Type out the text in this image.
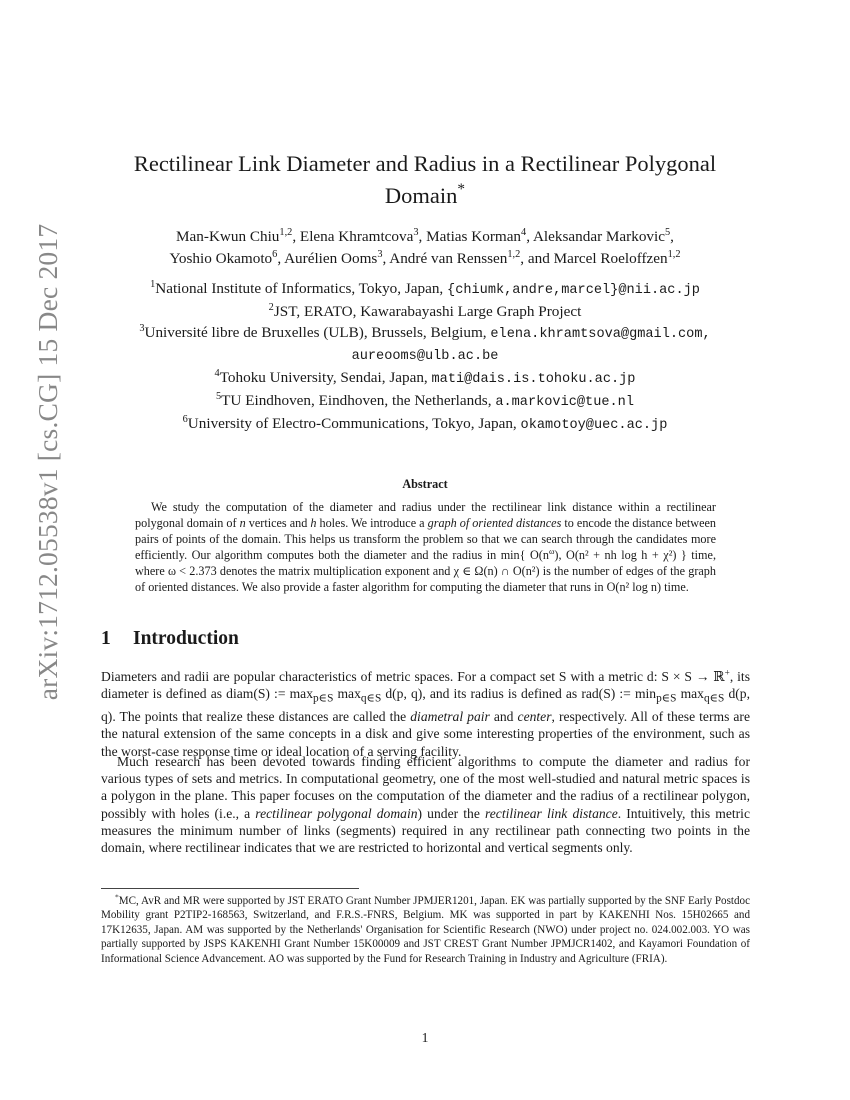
arXiv:1712.05538v1 [cs.CG] 15 Dec 2017
Rectilinear Link Diameter and Radius in a Rectilinear Polygonal
Domain*
Man-Kwun Chiu$^{1,2}$, Elena Khramtcova$^3$, Matias Korman$^4$, Aleksandar Markovic$^5$,
Yoshio Okamoto$^6$, Aurélien Ooms$^3$, André van Renssen$^{1,2}$, and Marcel Roeloffzen$^{1,2}$
$^1$National Institute of Informatics, Tokyo, Japan, {chiumk,andre,marcel}@nii.ac.jp
$^2$JST, ERATO, Kawarabayashi Large Graph Project
$^3$Université libre de Bruxelles (ULB), Brussels, Belgium, elena.khramtsova@gmail.com,
aureooms@ulb.ac.be
$^4$Tohoku University, Sendai, Japan, mati@dais.is.tohoku.ac.jp
$^5$TU Eindhoven, Eindhoven, the Netherlands, a.markovic@tue.nl
$^6$University of Electro-Communications, Tokyo, Japan, okamotoy@uec.ac.jp
Abstract

We study the computation of the diameter and radius under the rectilinear link distance within a rectilinear polygonal domain of n vertices and h holes. We introduce a graph of oriented distances to encode the distance between pairs of points of the domain. This helps us transform the problem so that we can search through the candidates more efficiently. Our algorithm computes both the diameter and the radius in min{ $O(n^\omega)$, O(n² + nh log h + χ²) } time, where ω < 2.373 denotes the matrix multiplication exponent and χ ∈ Ω(n) ∩ O(n²) is the number of edges of the graph of oriented distances. We also provide a faster algorithm for computing the diameter that runs in O(n² log n) time.

1 Introduction

Diameters and radii are popular characteristics of metric spaces. For a compact set S with a metric d: S × S → ℝ+, its diameter is defined as diam(S) := $\max_{p\in S} \max_{q\in S} d(p$, q), and its radius is defined as rad(S) := $\min_{p\in S} \max_{q\in S} d(p$, q). The points that realize these distances are called the diametral pair and center, respectively. All of these terms are the natural extension of the same concepts in a disk and give some interesting properties of the environment, such as the worst-case response time or ideal location of a serving facility.

Much research has been devoted towards finding efficient algorithms to compute the diameter and radius for various types of sets and metrics. In computational geometry, one of the most well-studied and natural metric spaces is a polygon in the plane. This paper focuses on the computation of the diameter and the radius of a rectilinear polygon, possibly with holes (i.e., a rectilinear polygonal domain) under the rectilinear link distance. Intuitively, this metric measures the minimum number of links (segments) required in any rectilinear path connecting two points in the domain, where rectilinear indicates that we are restricted to horizontal and vertical segments only.

*MC, AvR and MR were supported by JST ERATO Grant Number JPMJER1201, Japan. EK was partially supported by the SNF Early Postdoc Mobility grant P2TIP2-168563, Switzerland, and F.R.S.-FNRS, Belgium. MK was supported in part by KAKENHI Nos. 15H02665 and 17K12635, Japan. AM was supported by the Netherlands' Organisation for Scientific Research (NWO) under project no. 024.002.003. YO was partially supported by JSPS KAKENHI Grant Number 15K00009 and JST CREST Grant Number JPMJCR1402, and Kayamori Foundation of Informational Science Advancement. AO was supported by the Fund for Research Training in Industry and Agriculture (FRIA).

1
